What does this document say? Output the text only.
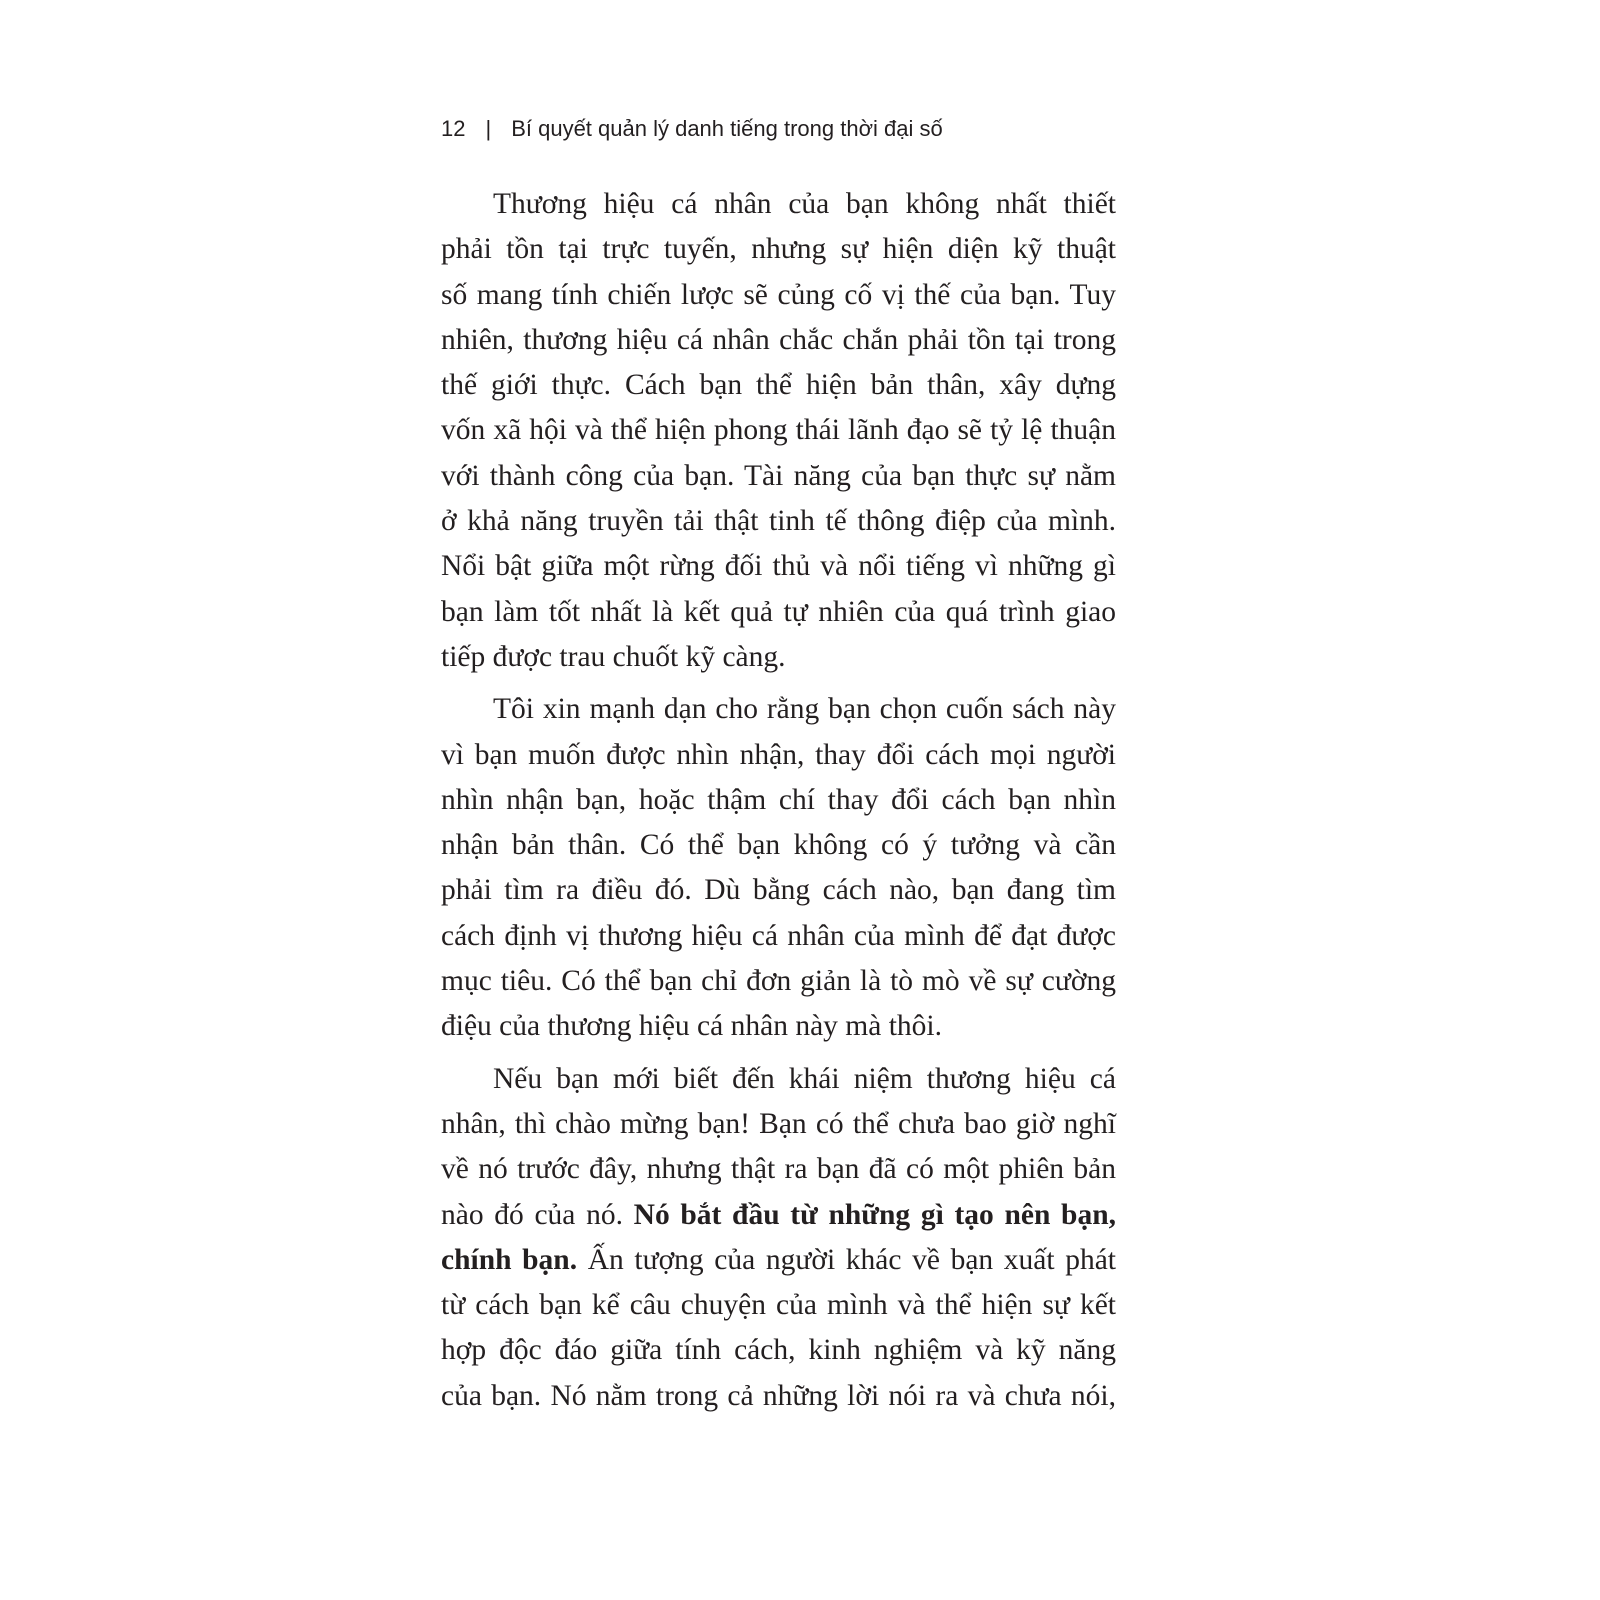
12 | Bí quyết quản lý danh tiếng trong thời đại số
Thương hiệu cá nhân của bạn không nhất thiết
phải tồn tại trực tuyến, nhưng sự hiện diện kỹ thuật
số mang tính chiến lược sẽ củng cố vị thế của bạn. Tuy
nhiên, thương hiệu cá nhân chắc chắn phải tồn tại trong
thế giới thực. Cách bạn thể hiện bản thân, xây dựng
vốn xã hội và thể hiện phong thái lãnh đạo sẽ tỷ lệ thuận
với thành công của bạn. Tài năng của bạn thực sự nằm
ở khả năng truyền tải thật tinh tế thông điệp của mình.
Nổi bật giữa một rừng đối thủ và nổi tiếng vì những gì
bạn làm tốt nhất là kết quả tự nhiên của quá trình giao
tiếp được trau chuốt kỹ càng.
Tôi xin mạnh dạn cho rằng bạn chọn cuốn sách này
vì bạn muốn được nhìn nhận, thay đổi cách mọi người
nhìn nhận bạn, hoặc thậm chí thay đổi cách bạn nhìn
nhận bản thân. Có thể bạn không có ý tưởng và cần
phải tìm ra điều đó. Dù bằng cách nào, bạn đang tìm
cách định vị thương hiệu cá nhân của mình để đạt được
mục tiêu. Có thể bạn chỉ đơn giản là tò mò về sự cường
điệu của thương hiệu cá nhân này mà thôi.
Nếu bạn mới biết đến khái niệm thương hiệu cá
nhân, thì chào mừng bạn! Bạn có thể chưa bao giờ nghĩ
về nó trước đây, nhưng thật ra bạn đã có một phiên bản
nào đó của nó. Nó bắt đầu từ những gì tạo nên bạn,
chính bạn. Ấn tượng của người khác về bạn xuất phát
từ cách bạn kể câu chuyện của mình và thể hiện sự kết
hợp độc đáo giữa tính cách, kinh nghiệm và kỹ năng
của bạn. Nó nằm trong cả những lời nói ra và chưa nói,
